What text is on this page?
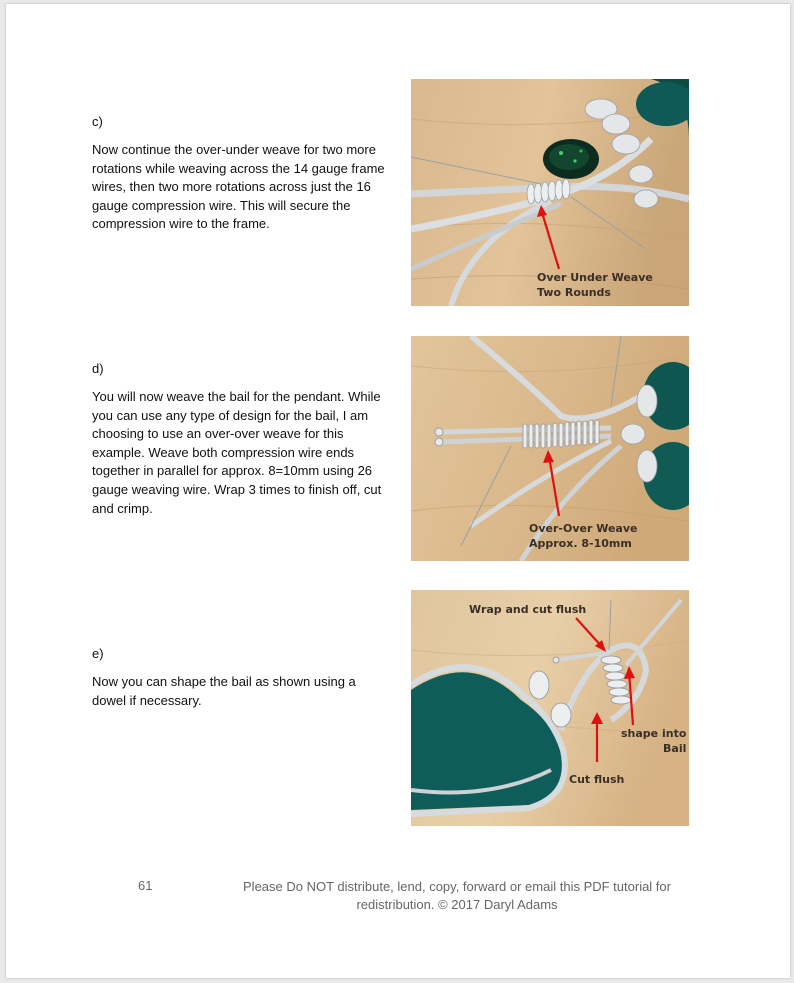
c)
Now continue the over-under weave for two more rotations while weaving across the 14 gauge frame wires, then two more rotations across just the 16 gauge compression wire. This will secure the compression wire to the frame.
Over Under Weave
Two Rounds
d)
You will now weave the bail for the pendant. While you can use any type of design for the bail, I am choosing to use an over-over weave for this example. Weave both compression wire ends together in parallel for approx. 8=10mm using 26 gauge weaving wire. Wrap 3 times to finish off, cut and crimp.
Over-Over Weave
Approx. 8-10mm
e)
Now you can shape the bail as shown using a dowel if necessary.
Wrap and cut flush
shape into
Bail
Cut flush
61	Please Do NOT distribute, lend, copy, forward or email this PDF tutorial for
redistribution. © 2017 Daryl Adams
